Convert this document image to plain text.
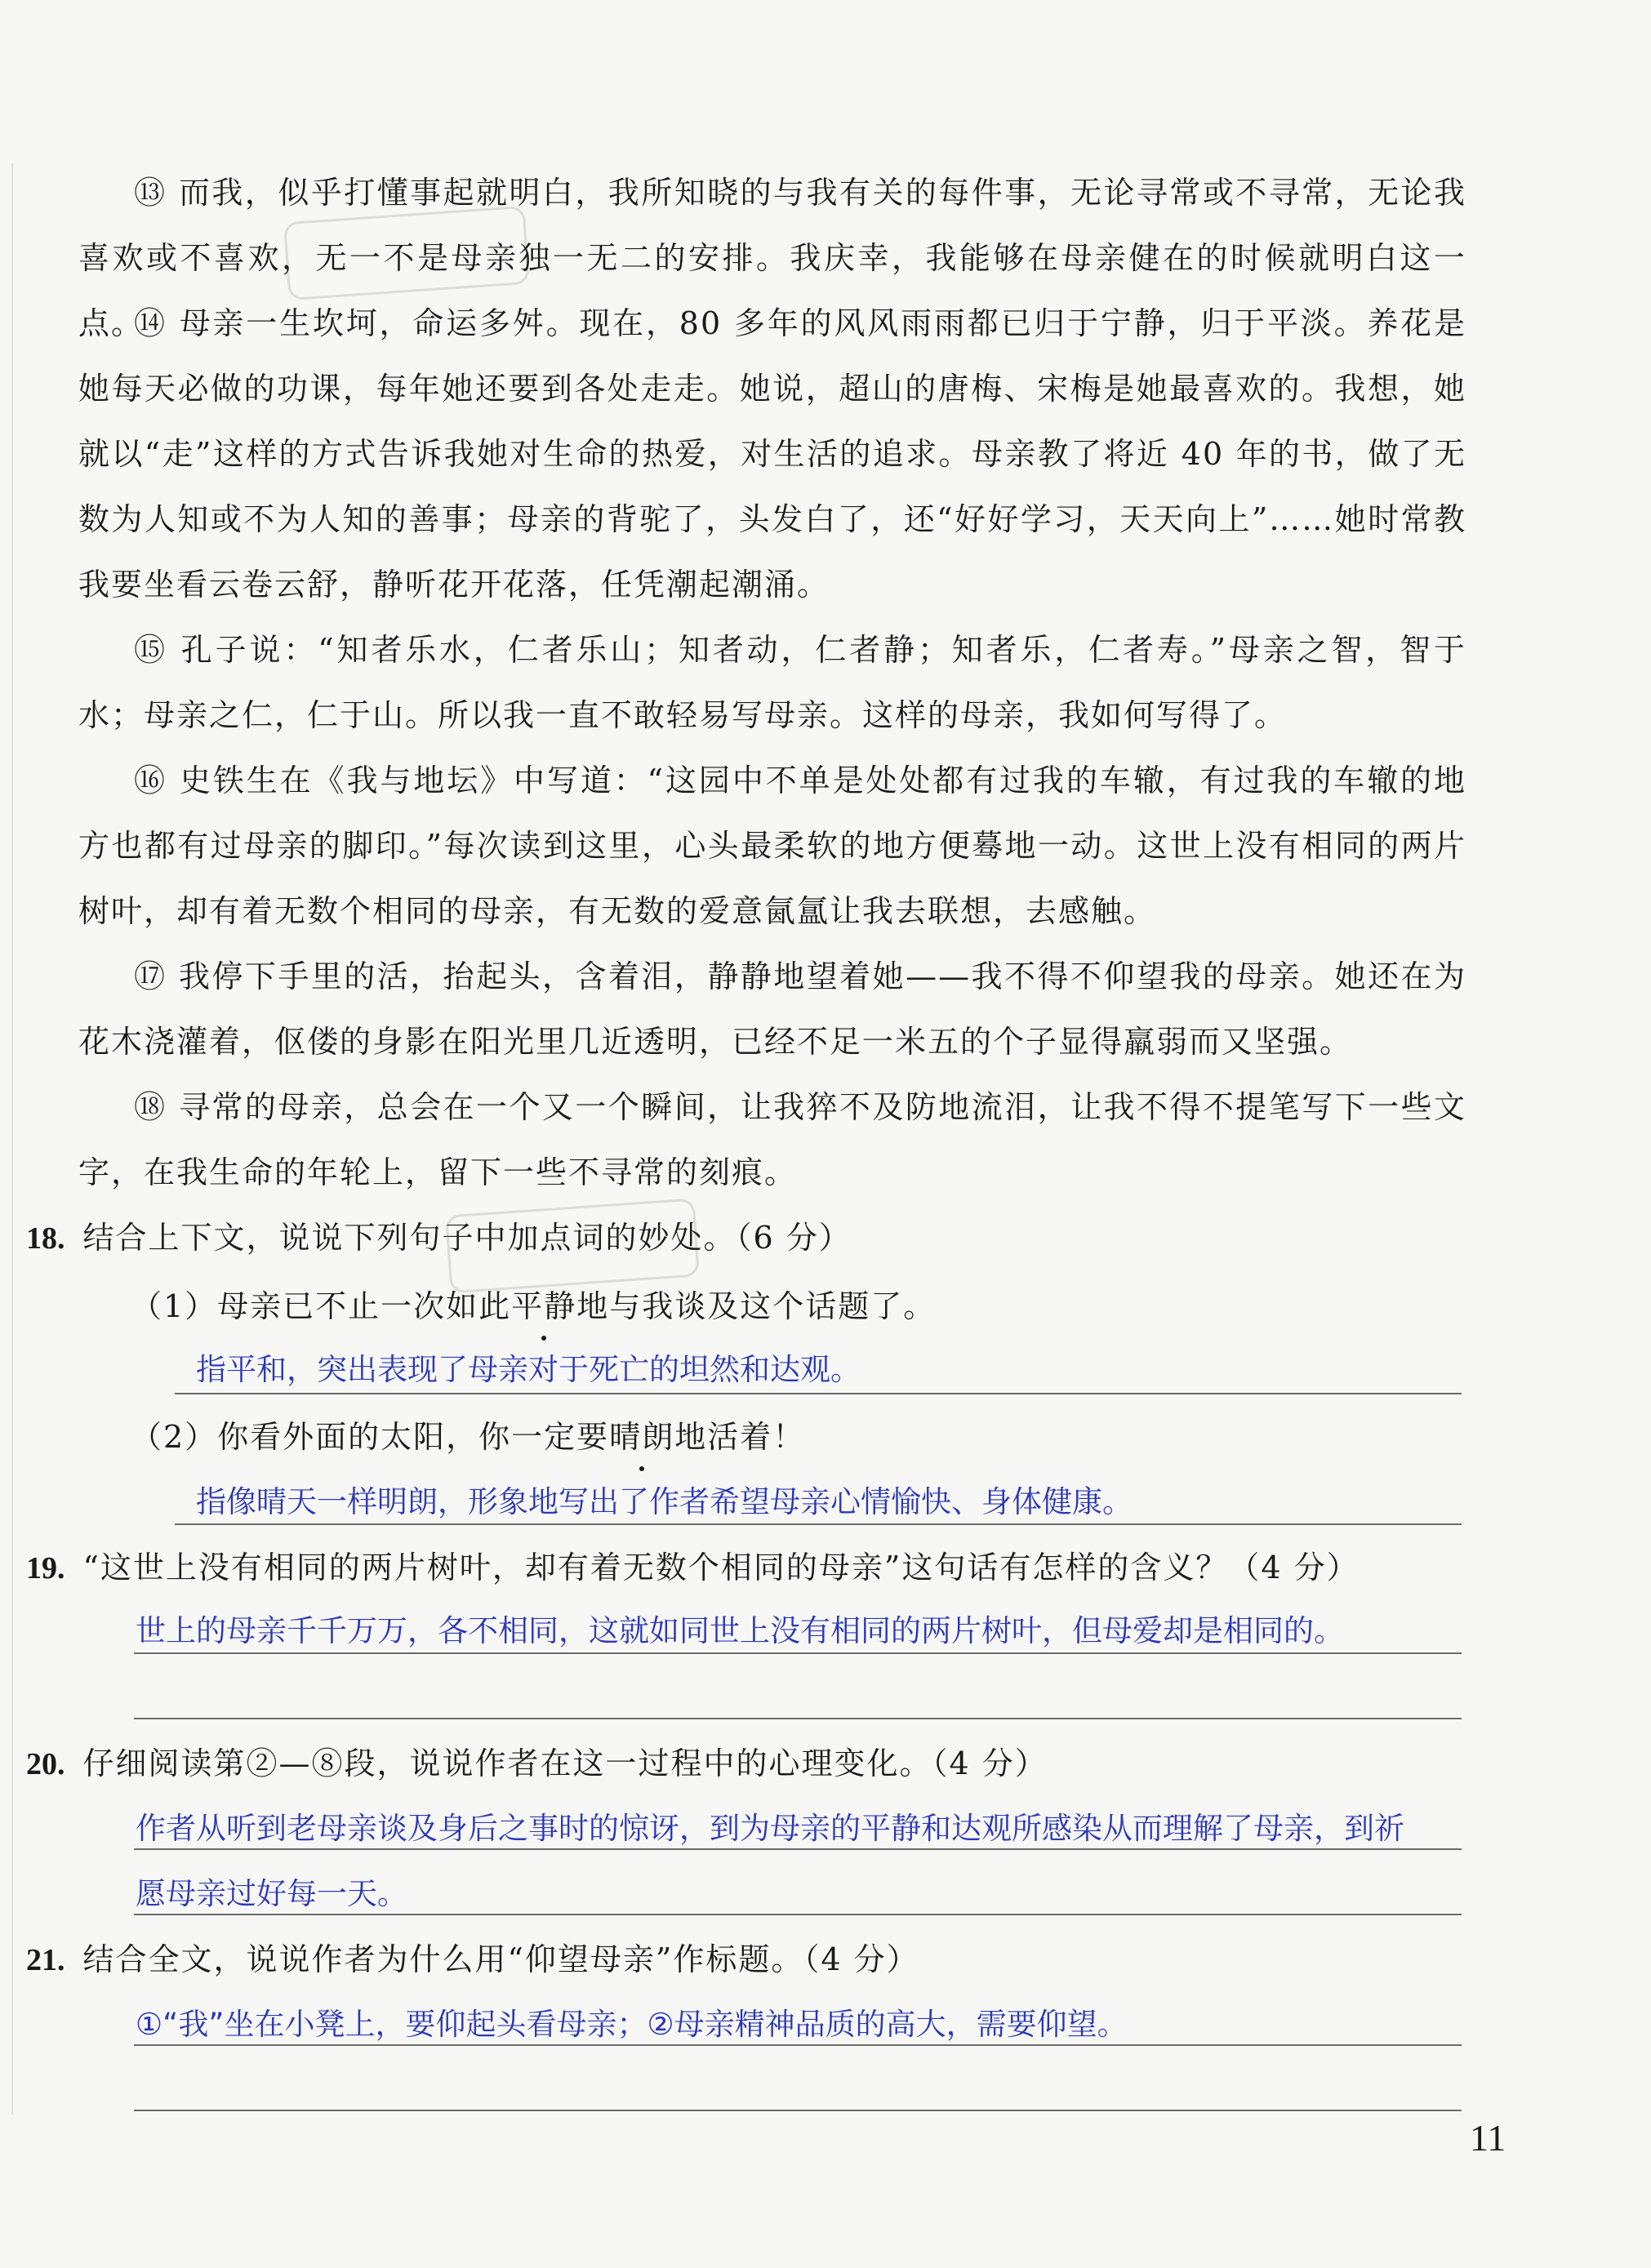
⑬ 而我，似乎打懂事起就明白，我所知晓的与我有关的每件事，无论寻常或不寻常，无论我喜欢或不喜欢，无一不是母亲独一无二的安排。我庆幸，我能够在母亲健在的时候就明白这一点。

⑭ 母亲一生坎坷，命运多舛。现在，80 多年的风风雨雨都已归于宁静，归于平淡。养花是她每天必做的功课，每年她还要到各处走走。她说，超山的唐梅、宋梅是她最喜欢的。我想，她就以“走”这样的方式告诉我她对生命的热爱，对生活的追求。母亲教了将近 40 年的书，做了无数为人知或不为人知的善事；母亲的背驼了，头发白了，还“好好学习，天天向上”……她时常教我要坐看云卷云舒，静听花开花落，任凭潮起潮涌。

⑮ 孔子说：“知者乐水，仁者乐山；知者动，仁者静；知者乐，仁者寿。”母亲之智，智于水；母亲之仁，仁于山。所以我一直不敢轻易写母亲。这样的母亲，我如何写得了。

⑯ 史铁生在《我与地坛》中写道：“这园中不单是处处都有过我的车辙，有过我的车辙的地方也都有过母亲的脚印。”每次读到这里，心头最柔软的地方便蓦地一动。这世上没有相同的两片树叶，却有着无数个相同的母亲，有无数的爱意氤氲让我去联想，去感触。

⑰ 我停下手里的活，抬起头，含着泪，静静地望着她——我不得不仰望我的母亲。她还在为花木浇灌着，伛偻的身影在阳光里几近透明，已经不足一米五的个子显得羸弱而又坚强。

⑱ 寻常的母亲，总会在一个又一个瞬间，让我猝不及防地流泪，让我不得不提笔写下一些文字，在我生命的年轮上，留下一些不寻常的刻痕。

18. 结合上下文，说说下列句子中加点词的妙处。（6 分）

（1）母亲已不止一次如此平静地与我谈及这个话题了。

指平和，突出表现了母亲对于死亡的坦然和达观。

（2）你看外面的太阳，你一定要晴朗地活着！

指像晴天一样明朗，形象地写出了作者希望母亲心情愉快、身体健康。

19. “这世上没有相同的两片树叶，却有着无数个相同的母亲”这句话有怎样的含义？（4 分）

世上的母亲千千万万，各不相同，这就如同世上没有相同的两片树叶，但母爱却是相同的。

20. 仔细阅读第②—⑧段，说说作者在这一过程中的心理变化。（4 分）

作者从听到老母亲谈及身后之事时的惊讶，到为母亲的平静和达观所感染从而理解了母亲，到祈

愿母亲过好每一天。

21. 结合全文，说说作者为什么用“仰望母亲”作标题。（4 分）

①“我”坐在小凳上，要仰起头看母亲；②母亲精神品质的高大，需要仰望。

11
